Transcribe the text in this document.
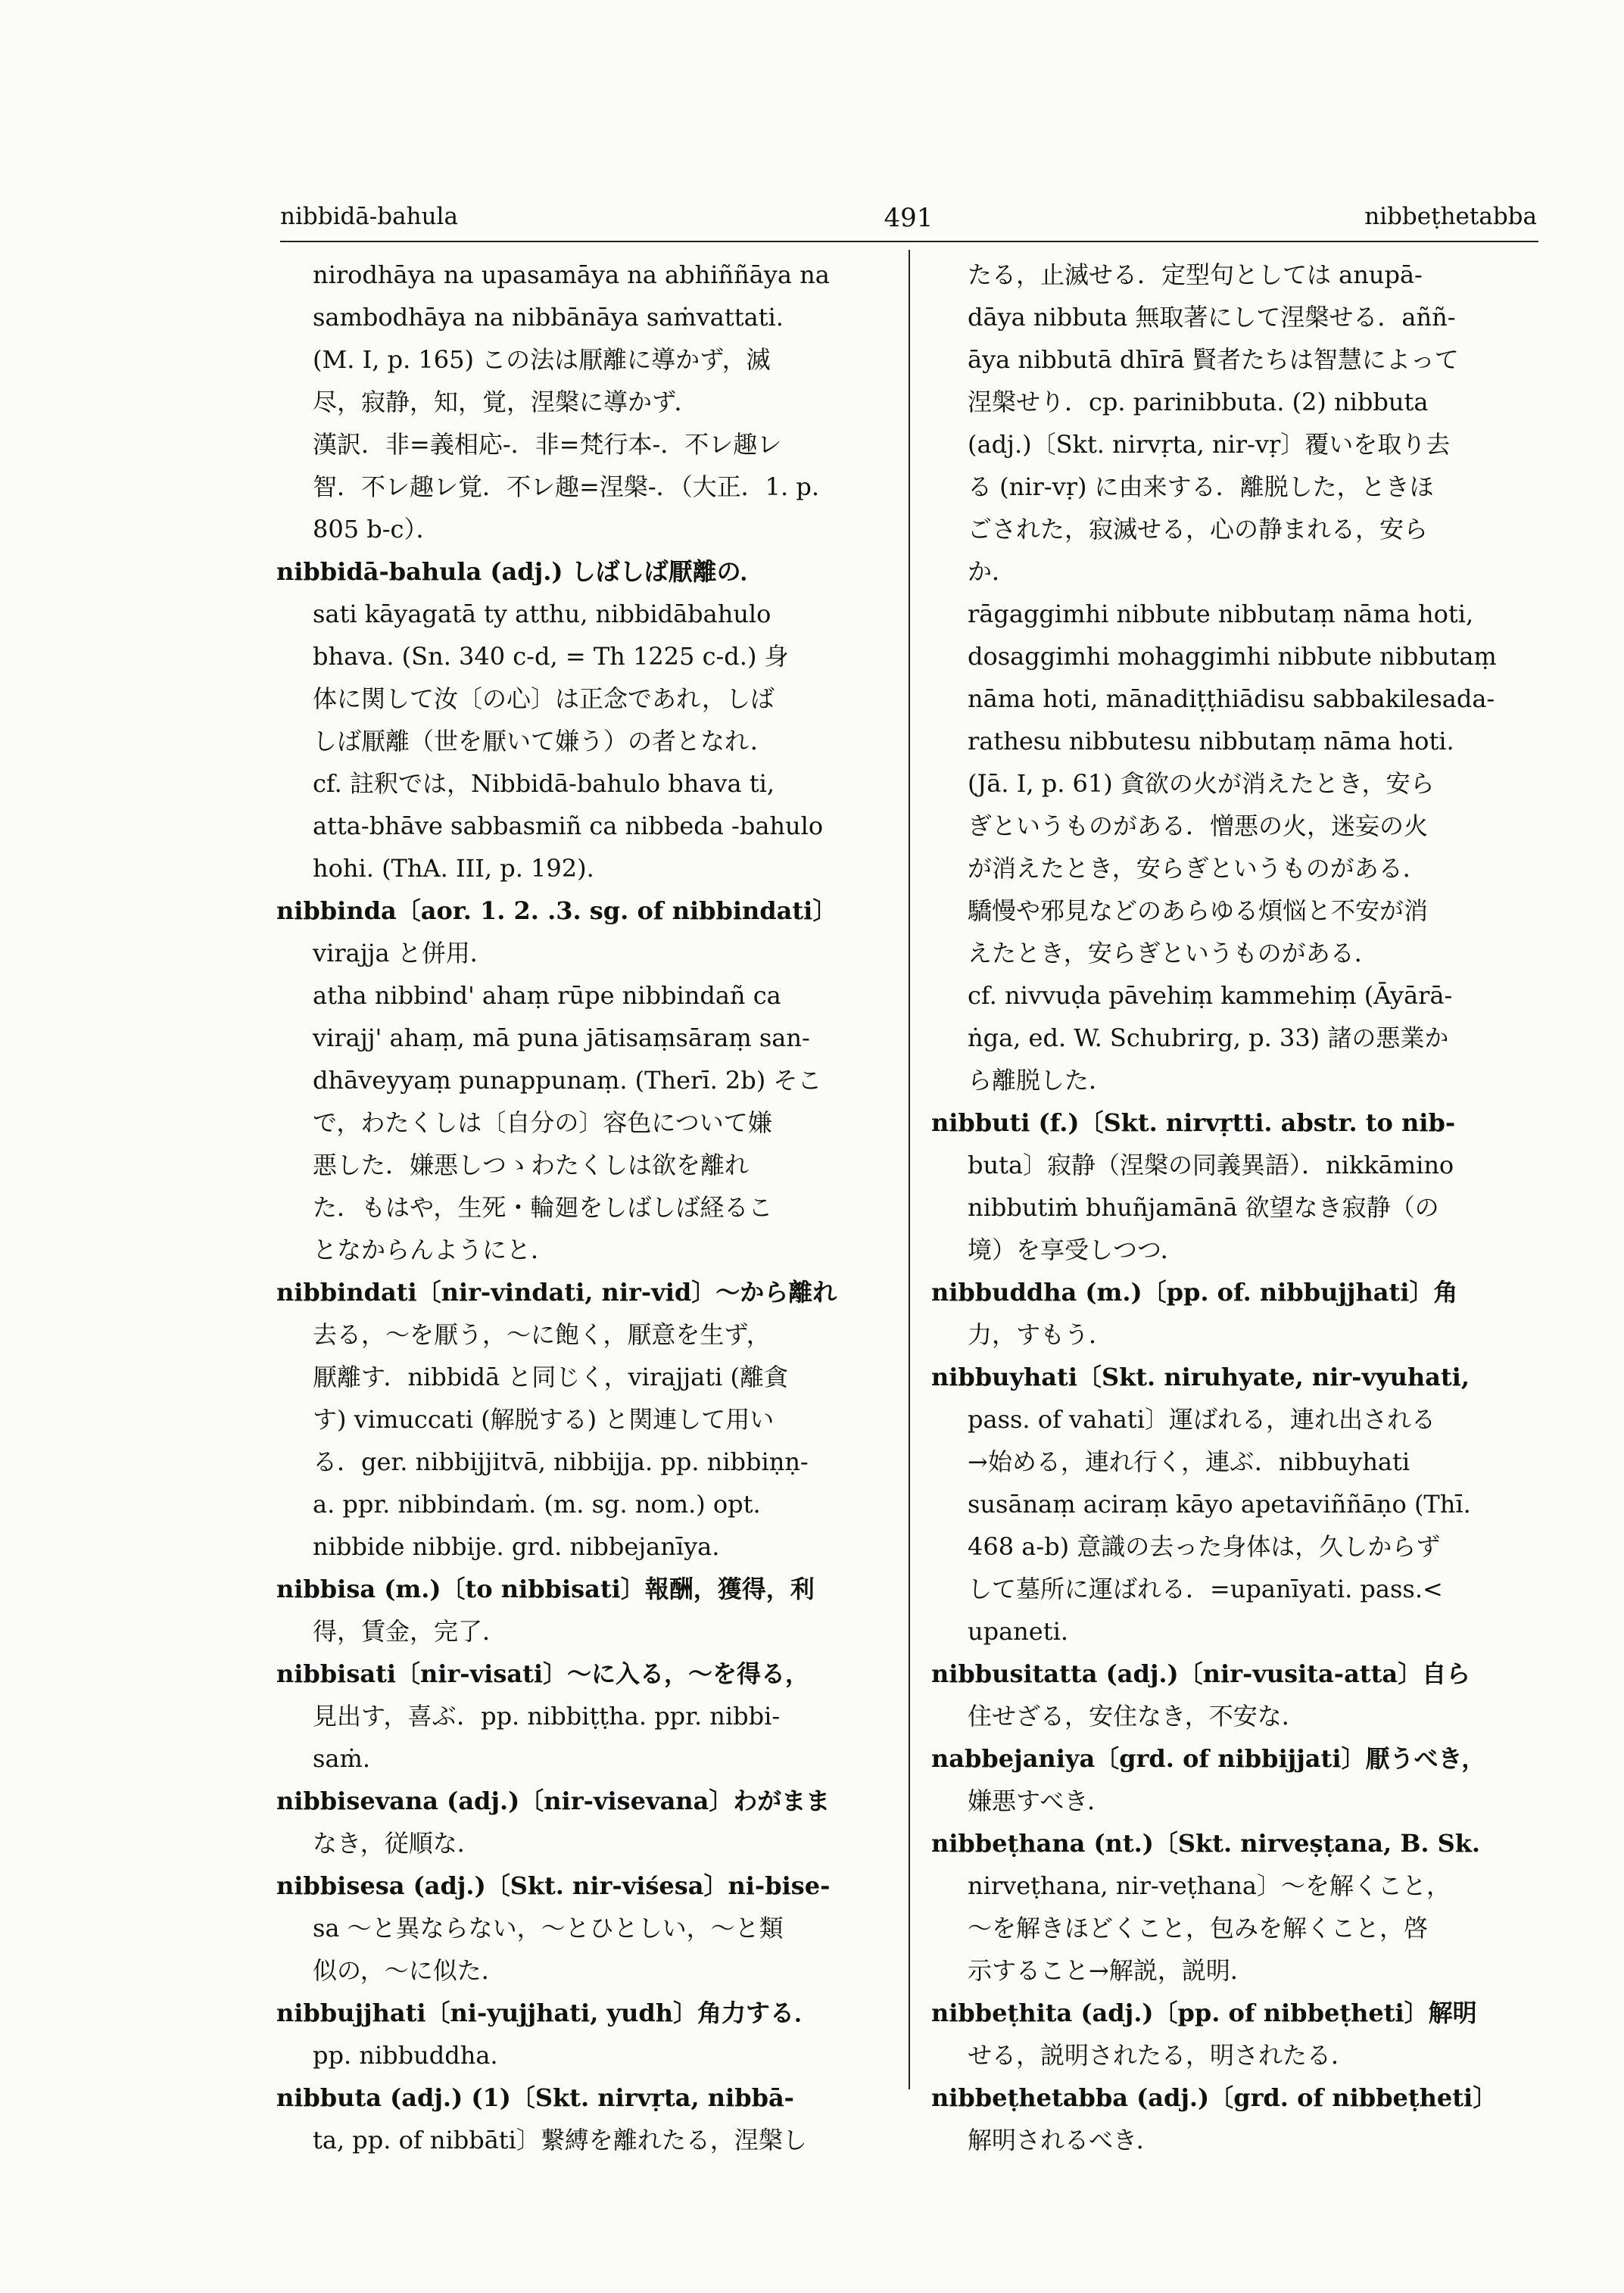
nibbidā-bahula	491	nibbeṭhetabba
nirodhāya na upasamāya na abhiññāya na
sambodhāya na nibbānāya saṁvattati.
(M. I, p. 165) この法は厭離に導かず，滅
尽，寂静，知，覚，涅槃に導かず．
漢訳．非=義相応-．非=梵行本-．不レ趣レ
智．不レ趣レ覚．不レ趣=涅槃-．（大正．1. p.
805 b-c）．
nibbidā-bahula (adj.) しばしば厭離の．
sati kāyagatā ty atthu, nibbidābahulo
bhava. (Sn. 340 c-d, = Th 1225 c-d.) 身
体に関して汝〔の心〕は正念であれ，しば
しば厭離（世を厭いて嫌う）の者となれ．
cf. 註釈では，Nibbidā-bahulo bhava ti,
atta-bhāve sabbasmiñ ca nibbeda -bahulo
hohi. (ThA. III, p. 192).
nibbinda〔aor. 1. 2. .3. sg. of nibbindati〕
virajja と併用．
atha nibbind' ahaṃ rūpe nibbindañ ca
virajj' ahaṃ, mā puna jātisaṃsāraṃ san-
dhāveyyaṃ punappunaṃ. (Therī. 2b) そこ
で，わたくしは〔自分の〕容色について嫌
悪した．嫌悪しつゝわたくしは欲を離れ
た．もはや，生死・輪廻をしばしば経るこ
となからんようにと．
nibbindati〔nir-vindati, nir-vid〕～から離れ
去る，～を厭う，～に飽く，厭意を生ず，
厭離す．nibbidā と同じく，virajjati (離貪
す) vimuccati (解脱する) と関連して用い
る．ger. nibbijjitvā, nibbijja. pp. nibbiṇṇ-
a. ppr. nibbindaṁ. (m. sg. nom.) opt.
nibbide nibbije. grd. nibbejanīya.
nibbisa (m.)〔to nibbisati〕報酬，獲得，利
得，賃金，完了．
nibbisati〔nir-visati〕～に入る，～を得る，
見出す，喜ぶ．pp. nibbiṭṭha. ppr. nibbi-
saṁ.
nibbisevana (adj.)〔nir-visevana〕わがまま
なき，従順な．
nibbisesa (adj.)〔Skt. nir-viśesa〕ni-bise-
sa ～と異ならない，～とひとしい，～と類
似の，～に似た．
nibbujjhati〔ni-yujjhati, yudh〕角力する．
pp. nibbuddha.
nibbuta (adj.) (1)〔Skt. nirvṛta, nibbā-
ta, pp. of nibbāti〕繋縛を離れたる，涅槃し
たる，止滅せる．定型句としては anupā-
dāya nibbuta 無取著にして涅槃せる．aññ-
āya nibbutā dhīrā 賢者たちは智慧によって
涅槃せり．cp. parinibbuta. (2) nibbuta
(adj.)〔Skt. nirvṛta, nir-vṛ〕覆いを取り去
る (nir-vṛ) に由来する．離脱した，ときほ
ごされた，寂滅せる，心の静まれる，安ら
か．
rāgaggimhi nibbute nibbutaṃ nāma hoti,
dosaggimhi mohaggimhi nibbute nibbutaṃ
nāma hoti, mānadiṭṭhiādisu sabbakilesada-
rathesu nibbutesu nibbutaṃ nāma hoti.
(Jā. I, p. 61) 貪欲の火が消えたとき，安ら
ぎというものがある．憎悪の火，迷妄の火
が消えたとき，安らぎというものがある．
驕慢や邪見などのあらゆる煩悩と不安が消
えたとき，安らぎというものがある．
cf. nivvuḍa pāvehiṃ kammehiṃ (Āyārā-
ṅga, ed. W. Schubrirg, p. 33) 諸の悪業か
ら離脱した．
nibbuti (f.)〔Skt. nirvṛtti. abstr. to nib-
buta〕寂静（涅槃の同義異語）．nikkāmino
nibbutiṁ bhuñjamānā 欲望なき寂静（の
境）を享受しつつ．
nibbuddha (m.)〔pp. of. nibbujjhati〕角
力，すもう．
nibbuyhati〔Skt. niruhyate, nir-vyuhati,
pass. of vahati〕運ばれる，連れ出される
→始める，連れ行く，連ぶ．nibbuyhati
susānaṃ aciraṃ kāyo apetaviññāṇo (Thī.
468 a-b) 意識の去った身体は，久しからず
して墓所に運ばれる．=upanīyati. pass.<
upaneti.
nibbusitatta (adj.)〔nir-vusita-atta〕自ら
住せざる，安住なき，不安な．
nabbejaniya〔grd. of nibbijjati〕厭うべき，
嫌悪すべき．
nibbeṭhana (nt.)〔Skt. nirveṣṭana, B. Sk.
nirveṭhana, nir-veṭhana〕～を解くこと，
～を解きほどくこと，包みを解くこと，啓
示すること→解説，説明．
nibbeṭhita (adj.)〔pp. of nibbeṭheti〕解明
せる，説明されたる，明されたる．
nibbeṭhetabba (adj.)〔grd. of nibbeṭheti〕
解明されるべき．
